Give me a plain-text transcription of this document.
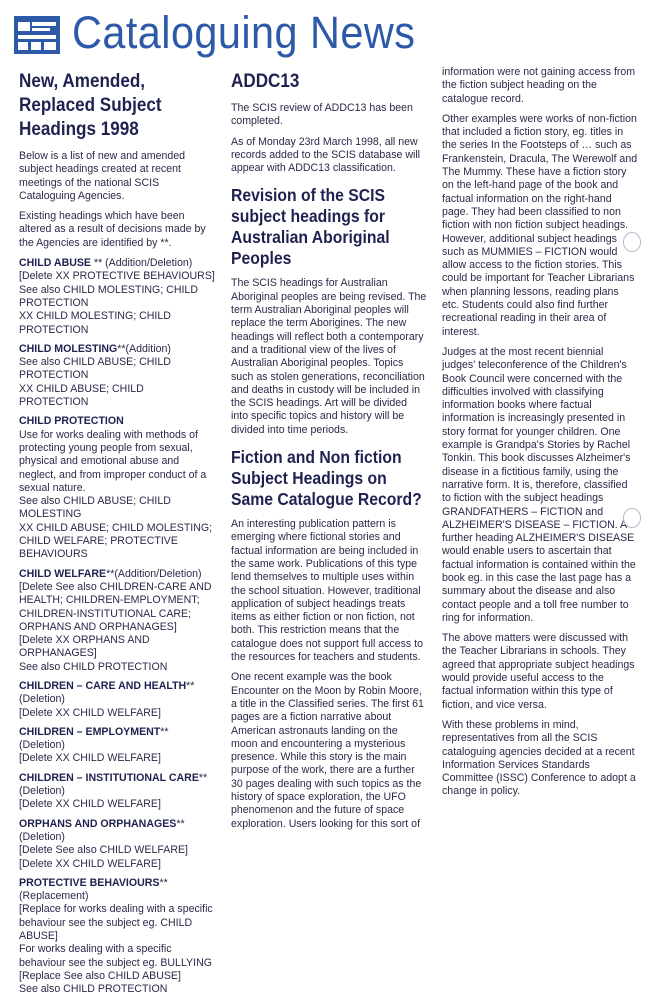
Cataloguing News
New, Amended, Replaced Subject Headings 1998

Below is a list of new and amended subject headings created at recent meetings of the national SCIS Cataloguing Agencies.

Existing headings which have been altered as a result of decisions made by the Agencies are identified by **.

CHILD ABUSE ** (Addition/Deletion)
[Delete XX PROTECTIVE BEHAVIOURS]
See also CHILD MOLESTING; CHILD PROTECTION
XX CHILD MOLESTING; CHILD PROTECTION
CHILD MOLESTING**(Addition)
See also CHILD ABUSE; CHILD PROTECTION
XX CHILD ABUSE; CHILD PROTECTION
CHILD PROTECTION
Use for works dealing with methods of protecting young people from sexual, physical and emotional abuse and neglect, and from improper conduct of a sexual nature.
See also CHILD ABUSE; CHILD MOLESTING
XX CHILD ABUSE; CHILD MOLESTING; CHILD WELFARE; PROTECTIVE BEHAVIOURS
CHILD WELFARE**(Addition/Deletion)
[Delete See also CHILDREN-CARE AND HEALTH; CHILDREN-EMPLOYMENT; CHILDREN-INSTITUTIONAL CARE; ORPHANS AND ORPHANAGES]
[Delete XX ORPHANS AND ORPHANAGES]
See also CHILD PROTECTION
CHILDREN – CARE AND HEALTH**(Deletion)
[Delete XX CHILD WELFARE]
CHILDREN – EMPLOYMENT** (Deletion)
[Delete XX CHILD WELFARE]
CHILDREN – INSTITUTIONAL CARE** (Deletion)
[Delete XX CHILD WELFARE]
ORPHANS AND ORPHANAGES**(Deletion)
[Delete See also CHILD WELFARE]
[Delete XX CHILD WELFARE]
PROTECTIVE BEHAVIOURS**(Replacement)
[Replace for works dealing with a specific behaviour see the subject eg. CHILD ABUSE]
For works dealing with a specific behaviour see the subject eg. BULLYING
[Replace See also CHILD ABUSE]
See also CHILD PROTECTION
ADDC13

The SCIS review of ADDC13 has been completed.

As of Monday 23rd March 1998, all new records added to the SCIS database will appear with ADDC13 classification.

Revision of the SCIS subject headings for Australian Aboriginal Peoples

The SCIS headings for Australian Aboriginal peoples are being revised. The term Australian Aboriginal peoples will replace the term Aborigines. The new headings will reflect both a contemporary and a traditional view of the lives of Australian Aboriginal peoples. Topics such as stolen generations, reconciliation and deaths in custody will be included in the SCIS headings. Art will be divided into specific topics and history will be divided into time periods.

Fiction and Non fiction Subject Headings on Same Catalogue Record?

An interesting publication pattern is emerging where fictional stories and factual information are being included in the same work. Publications of this type lend themselves to multiple uses within the school situation. However, traditional application of subject headings treats items as either fiction or non fiction, not both. This restriction means that the catalogue does not support full access to the resources for teachers and students.

One recent example was the book Encounter on the Moon by Robin Moore, a title in the Classified series. The first 61 pages are a fiction narrative about American astronauts landing on the moon and encountering a mysterious presence. While this story is the main purpose of the work, there are a further 30 pages dealing with such topics as the history of space exploration, the UFO phenomenon and the future of space exploration. Users looking for this sort of

information were not gaining access from the fiction subject heading on the catalogue record.

Other examples were works of non-fiction that included a fiction story, eg. titles in the series In the Footsteps of … such as Frankenstein, Dracula, The Werewolf and The Mummy. These have a fiction story on the left-hand page of the book and factual information on the right-hand page. They had been classified to non fiction with non fiction subject headings. However, additional subject headings such as MUMMIES – FICTION would allow access to the fiction stories. This could be important for Teacher Librarians when planning lessons, reading plans etc. Students could also find further recreational reading in their area of interest.

Judges at the most recent biennial judges' teleconference of the Children's Book Council were concerned with the difficulties involved with classifying information books where factual information is increasingly presented in story format for younger children. One example is Grandpa's Stories by Rachel Tonkin. This book discusses Alzheimer's disease in a fictitious family, using the narrative form. It is, therefore, classified to fiction with the subject headings GRANDFATHERS – FICTION and ALZHEIMER'S DISEASE – FICTION. A further heading ALZHEIMER'S DISEASE would enable users to ascertain that factual information is contained within the book eg. in this case the last page has a summary about the disease and also contact people and a toll free number to ring for information.

The above matters were discussed with the Teacher Librarians in schools. They agreed that appropriate subject headings would provide useful access to the factual information within this type of fiction, and vice versa.

With these problems in mind, representatives from all the SCIS cataloguing agencies decided at a recent Information Services Standards Committee (ISSC) Conference to adopt a change in policy.
